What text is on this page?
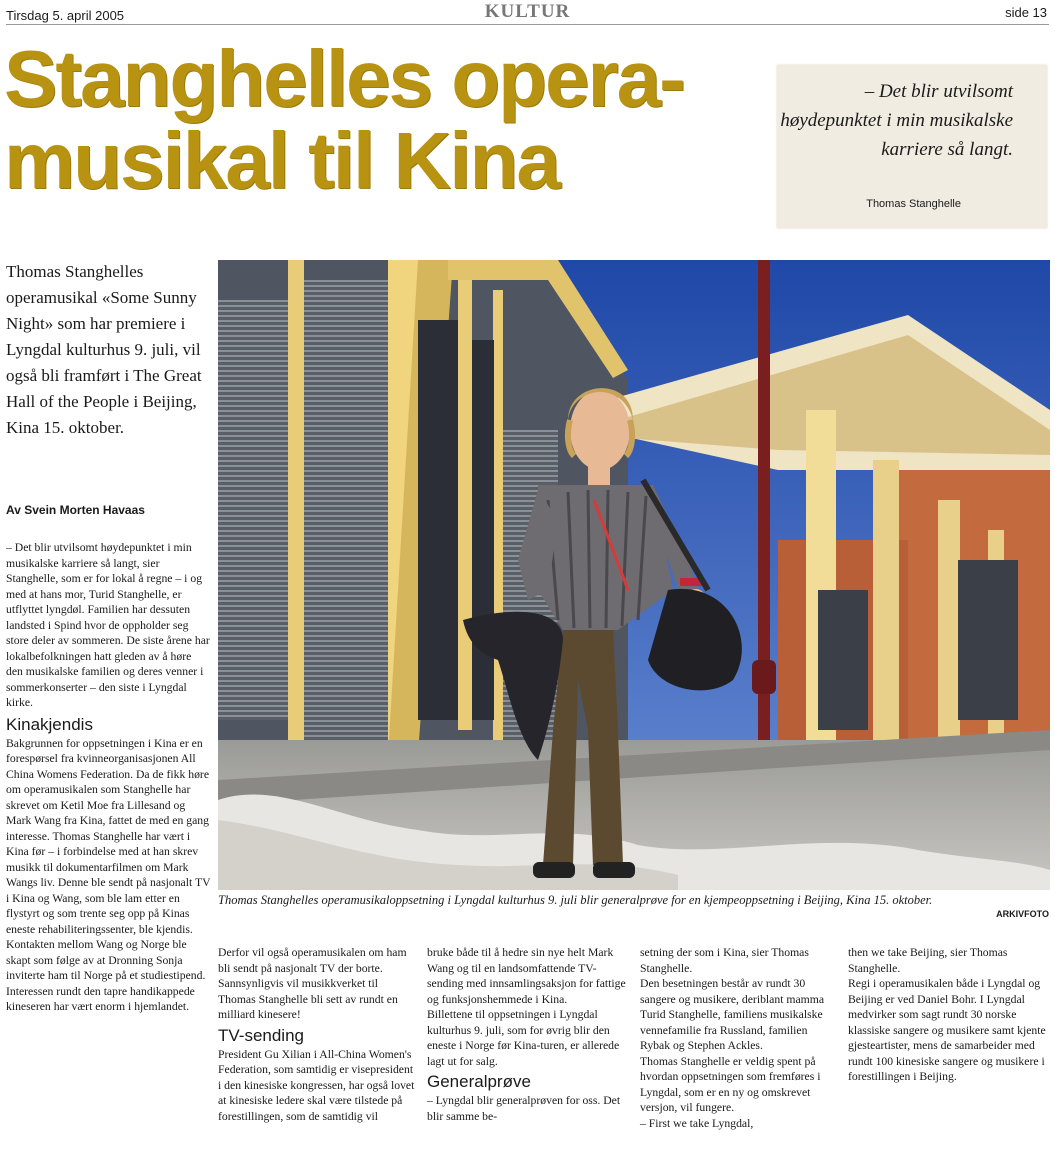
Tirsdag 5. april 2005	KULTUR	side 13
Stanghelles opera-
musikal til Kina
– Det blir utvilsomt høydepunktet i min musikalske karriere så langt.
Thomas Stanghelle
Thomas Stanghelles operamusikal «Some Sunny Night» som har premiere i Lyngdal kulturhus 9. juli, vil også bli framført i The Great Hall of the People i Beijing, Kina 15. oktober.
Av Svein Morten Havaas

– Det blir utvilsomt høydepunktet i min musikalske karriere så langt, sier Stanghelle, som er for lokal å regne – i og med at hans mor, Turid Stanghelle, er utflyttet lyngdøl. Familien har dessuten landsted i Spind hvor de oppholder seg store deler av sommeren. De siste årene har lokalbefolkningen hatt gleden av å høre den musikalske familien og deres venner i sommerkonserter – den siste i Lyngdal kirke.

Kinakjendis

Bakgrunnen for oppsetningen i Kina er en forespørsel fra kvinneorganisasjonen All China Womens Federation. Da de fikk høre om operamusikalen som Stanghelle har skrevet om Ketil Moe fra Lillesand og Mark Wang fra Kina, fattet de med en gang interesse. Thomas Stanghelle har vært i Kina før – i forbindelse med at han skrev musikk til dokumentarfilmen om Mark Wangs liv. Denne ble sendt på nasjonalt TV i Kina og Wang, som ble lam etter en flystyrt og som trente seg opp på Kinas eneste rehabiliteringssenter, ble kjendis.

Kontakten mellom Wang og Norge ble skapt som følge av at Dronning Sonja inviterte ham til Norge på et studiestipend. Interessen rundt den tapre handikappede kineseren har vært enorm i hjemlandet.

Thomas Stanghelles operamusikaloppsetning i Lyngdal kulturhus 9. juli blir generalprøve for en kjempeoppsetning i Beijing, Kina 15. oktober.
ARKIVFOTO

Derfor vil også operamusikalen om ham bli sendt på nasjonalt TV der borte. Sannsynligvis vil musikkverket til Thomas Stanghelle bli sett av rundt en milliard kinesere!

TV-sending

President Gu Xilian i All-China Women's Federation, som samtidig er visepresident i den kinesiske kongressen, har også lovet at kinesiske ledere skal være tilstede på forestillingen, som de samtidig vil

bruke både til å hedre sin nye helt Mark Wang og til en landsomfattende TV-sending med innsamlingsaksjon for fattige og funksjonshemmede i Kina.

Billettene til oppsetningen i Lyngdal kulturhus 9. juli, som for øvrig blir den eneste i Norge før Kina-turen, er allerede lagt ut for salg.

Generalprøve

– Lyngdal blir generalprøven for oss. Det blir samme be-

setning der som i Kina, sier Thomas Stanghelle.

Den besetningen består av rundt 30 sangere og musikere, deriblant mamma Turid Stanghelle, familiens musikalske vennefamilie fra Russland, familien Rybak og Stephen Ackles.

Thomas Stanghelle er veldig spent på hvordan oppsetningen som fremføres i Lyngdal, som er en ny og omskrevet versjon, vil fungere.

– First we take Lyngdal,

then we take Beijing, sier Thomas Stanghelle.

Regi i operamusikalen både i Lyngdal og Beijing er ved Daniel Bohr. I Lyngdal medvirker som sagt rundt 30 norske klassiske sangere og musikere samt kjente gjesteartister, mens de samarbeider med rundt 100 kinesiske sangere og musikere i forestillingen i Beijing.
